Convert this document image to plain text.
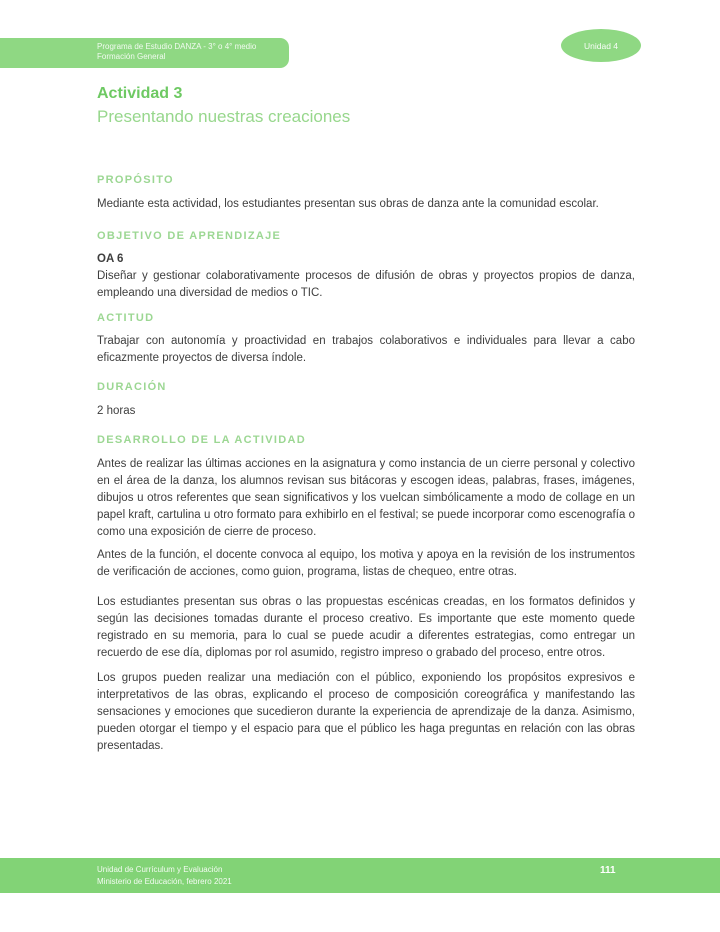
Programa de Estudio DANZA - 3° o 4° medio
Formación General
Unidad 4
Actividad 3
Presentando nuestras creaciones
PROPÓSITO

Mediante esta actividad, los estudiantes presentan sus obras de danza ante la comunidad escolar.

OBJETIVO DE APRENDIZAJE

OA 6

Diseñar y gestionar colaborativamente procesos de difusión de obras y proyectos propios de danza, empleando una diversidad de medios o TIC.

ACTITUD

Trabajar con autonomía y proactividad en trabajos colaborativos e individuales para llevar a cabo eficazmente proyectos de diversa índole.

DURACIÓN

2 horas

DESARROLLO DE LA ACTIVIDAD

Antes de realizar las últimas acciones en la asignatura y como instancia de un cierre personal y colectivo en el área de la danza, los alumnos revisan sus bitácoras y escogen ideas, palabras, frases, imágenes, dibujos u otros referentes que sean significativos y los vuelcan simbólicamente a modo de collage en un papel kraft, cartulina u otro formato para exhibirlo en el festival; se puede incorporar como escenografía o como una exposición de cierre de proceso.

Antes de la función, el docente convoca al equipo, los motiva y apoya en la revisión de los instrumentos de verificación de acciones, como guion, programa, listas de chequeo, entre otras.

Los estudiantes presentan sus obras o las propuestas escénicas creadas, en los formatos definidos y según las decisiones tomadas durante el proceso creativo. Es importante que este momento quede registrado en su memoria, para lo cual se puede acudir a diferentes estrategias, como entregar un recuerdo de ese día, diplomas por rol asumido, registro impreso o grabado del proceso, entre otros.

Los grupos pueden realizar una mediación con el público, exponiendo los propósitos expresivos e interpretativos de las obras, explicando el proceso de composición coreográfica y manifestando las sensaciones y emociones que sucedieron durante la experiencia de aprendizaje de la danza. Asimismo, pueden otorgar el tiempo y el espacio para que el público les haga preguntas en relación con las obras presentadas.

Unidad de Currículum y Evaluación
Ministerio de Educación, febrero 2021
111
